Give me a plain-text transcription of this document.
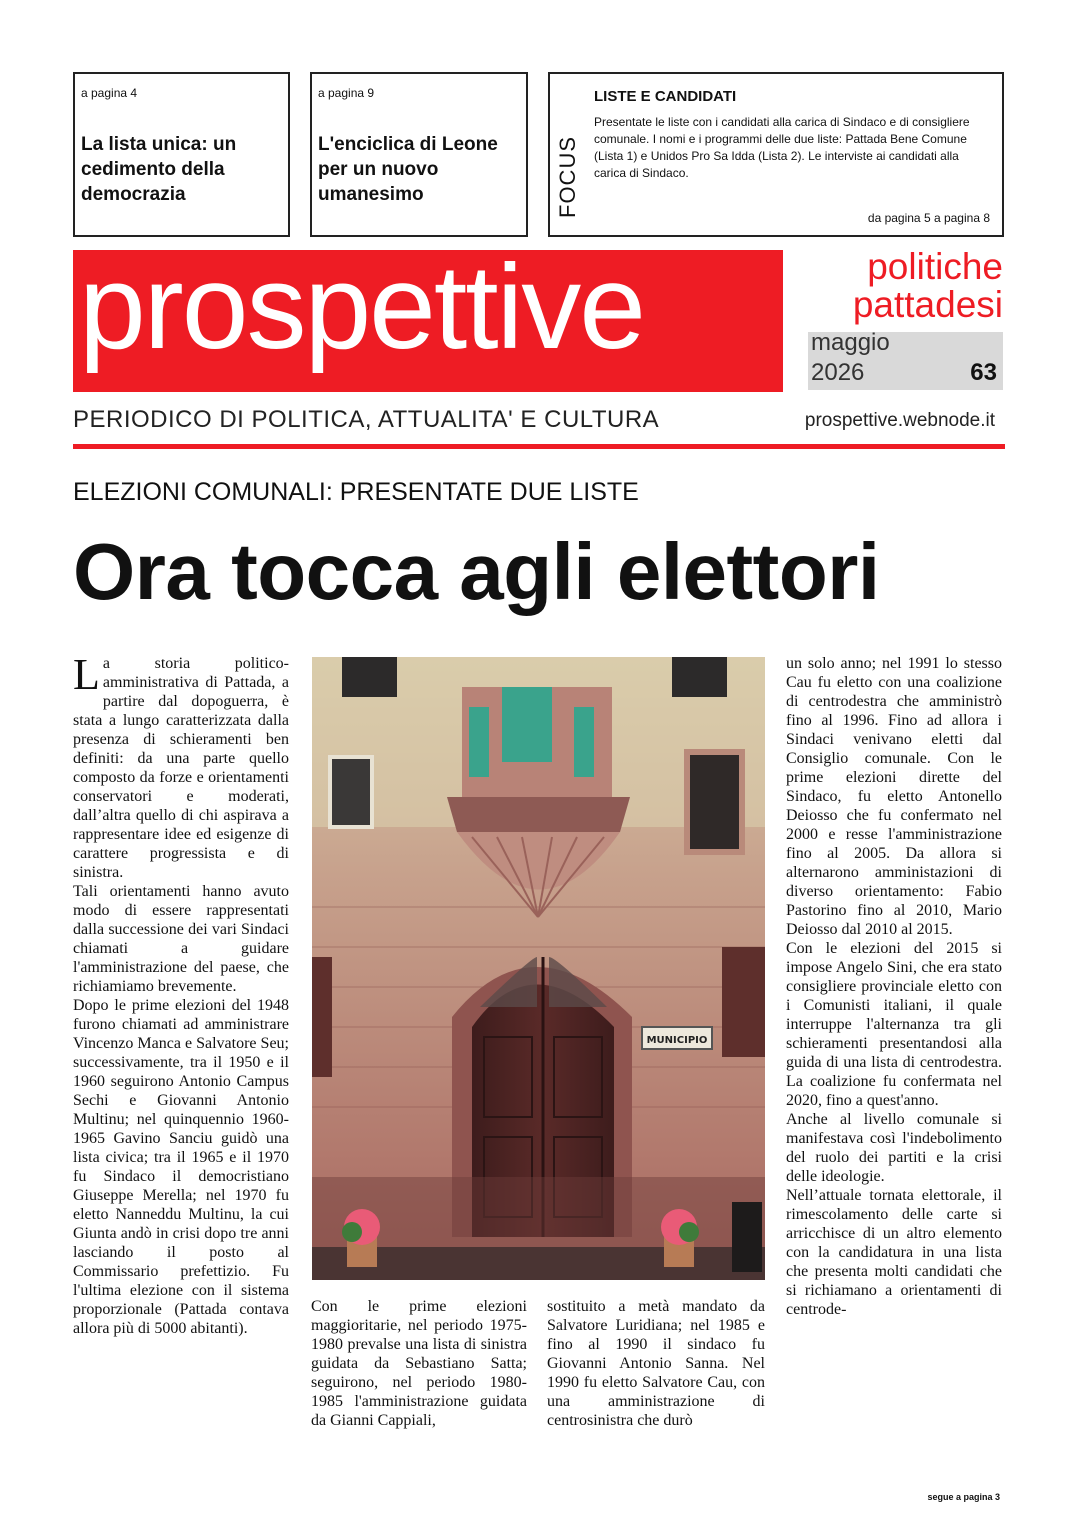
a pagina 4
La lista unica: un cedimento della democrazia
a pagina 9
L'enciclica di Leone per un nuovo umanesimo	FOCUS
LISTE E CANDIDATI
Presentate le liste con i candidati alla carica di Sindaco e di consigliere comunale. I nomi e i programmi delle due liste: Pattada Bene Comune (Lista 1) e Unidos Pro Sa Idda (Lista 2). Le interviste ai candidati alla carica di Sindaco.
da pagina 5 a pagina 8
prospettive	politiche
pattadesi
maggio
2026	63
PERIODICO DI POLITICA, ATTUALITA' E CULTURA	prospettive.webnode.it
ELEZIONI COMUNALI: PRESENTATE DUE LISTE
Ora tocca agli elettori

La storia politico-amministrativa di Pattada, a partire dal dopoguerra, è stata a lungo caratterizzata dalla presenza di schieramenti ben definiti: da una parte quello composto da forze e orientamenti conservatori e moderati, dall’altra quello di chi aspirava a rappresentare idee ed esigenze di carattere progressista e di sinistra.

Tali orientamenti hanno avuto modo di essere rappresentati dalla successione dei vari Sindaci chiamati a guidare l'amministrazione del paese, che richiamiamo brevemente.

Dopo le prime elezioni del 1948 furono chiamati ad amministrare Vincenzo Manca e Salvatore Seu; successivamente, tra il 1950 e il 1960 seguirono Antonio Campus Sechi e Giovanni Antonio Multinu; nel quinquennio 1960-1965 Gavino Sanciu guidò una lista civica; tra il 1965 e il 1970 fu Sindaco il democristiano Giuseppe Merella; nel 1970 fu eletto Nanneddu Multinu, la cui Giunta andò in crisi dopo tre anni lasciando il posto al Commissario prefettizio. Fu l'ultima elezione con il sistema proporzionale (Pattada contava allora più di 5000 abitanti).

MUNICIPIO

Con le prime elezioni maggioritarie, nel periodo 1975-1980 prevalse una lista di sinistra guidata da Sebastiano Satta; seguirono, nel periodo 1980-1985 l'amministrazione guidata da Gianni Cappiali,

sostituito a metà mandato da Salvatore Luridiana; nel 1985 e fino al 1990 il sindaco fu Giovanni Antonio Sanna. Nel 1990 fu eletto Salvatore Cau, con una amministrazione di centrosinistra che durò

un solo anno; nel 1991 lo stesso Cau fu eletto con una coalizione di centrodestra che amministrò fino al 1996. Fino ad allora i Sindaci venivano eletti dal Consiglio comunale. Con le prime elezioni dirette del Sindaco, fu eletto Antonello Deiosso che fu confermato nel 2000 e resse l'amministrazione fino al 2005. Da allora si alternarono amministazioni di diverso orientamento: Fabio Pastorino fino al 2010, Mario Deiosso dal 2010 al 2015.

Con le elezioni del 2015 si impose Angelo Sini, che era stato consigliere provinciale eletto con i Comunisti italiani, il quale interruppe l'alternanza tra gli schieramenti presentandosi alla guida di una lista di centrodestra. La coalizione fu confermata nel 2020, fino a quest'anno.

Anche al livello comunale si manifestava così l'indebolimento del ruolo dei partiti e la crisi delle ideologie.

Nell’attuale tornata elettorale, il rimescolamento delle carte si arricchisce di un altro elemento con la candidatura in una lista che presenta molti candidati che si richiamano a orientamenti di centrode-

segue a pagina 3
